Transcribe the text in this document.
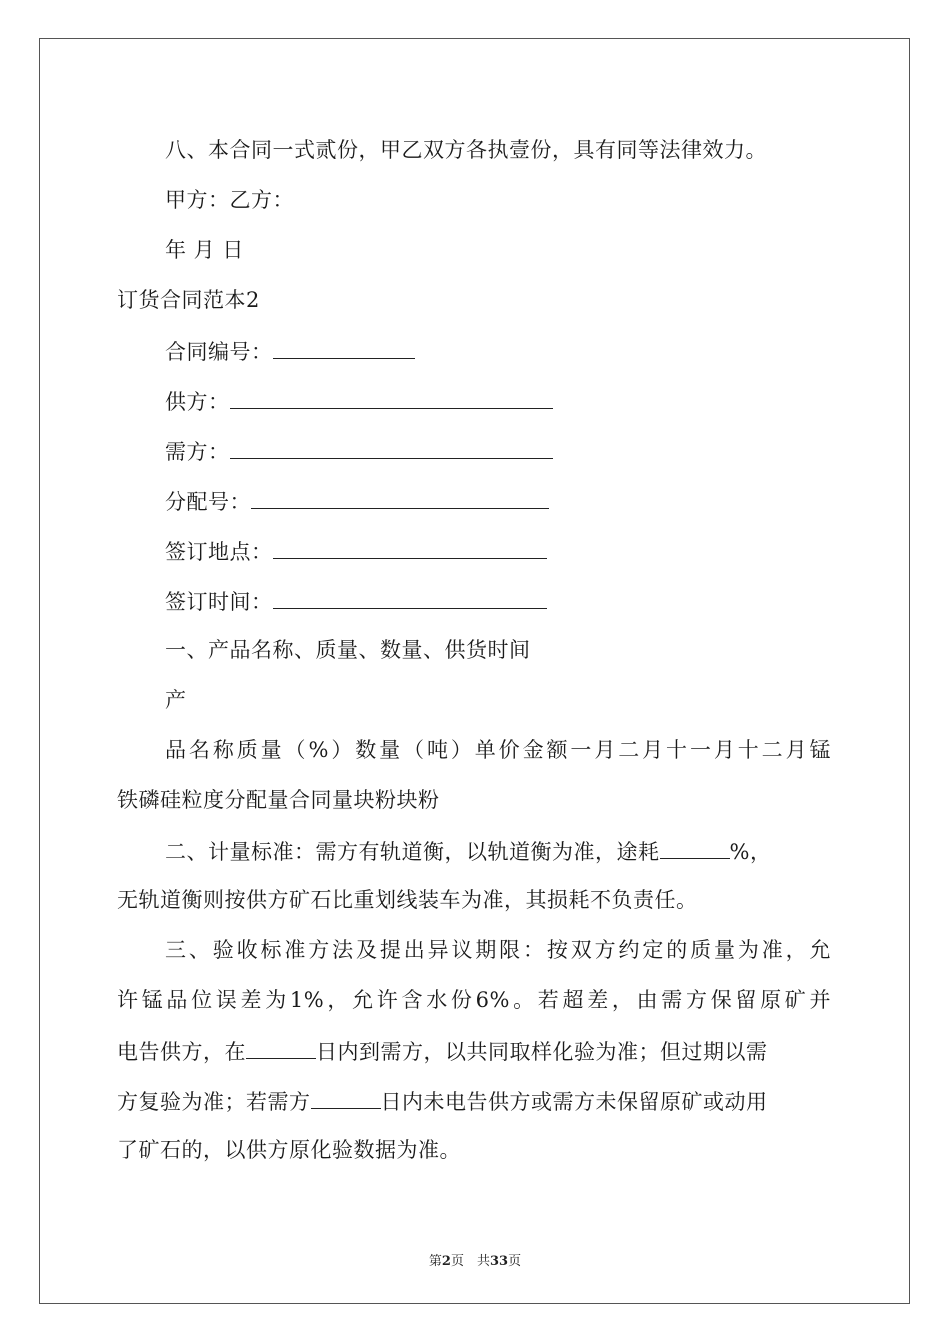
八、本合同一式贰份，甲乙双方各执壹份，具有同等法律效力。
甲方：乙方：
年 月 日
订货合同范本2
合同编号：
供方：
需方：
分配号：
签订地点：
签订时间：
一、产品名称、质量、数量、供货时间
产
品名称质量（%）数量（吨）单价金额一月二月十一月十二月锰
铁磷硅粒度分配量合同量块粉块粉
二、计量标准：需方有轨道衡，以轨道衡为准，途耗	%，
无轨道衡则按供方矿石比重划线装车为准，其损耗不负责任。
三、验收标准方法及提出异议期限：按双方约定的质量为准，允
许锰品位误差为1%，允许含水份6%。若超差，由需方保留原矿并
电告供方，在	日内到需方，以共同取样化验为准；但过期以需
方复验为准；若需方	日内未电告供方或需方未保留原矿或动用
了矿石的，以供方原化验数据为准。
第2页　共33页
